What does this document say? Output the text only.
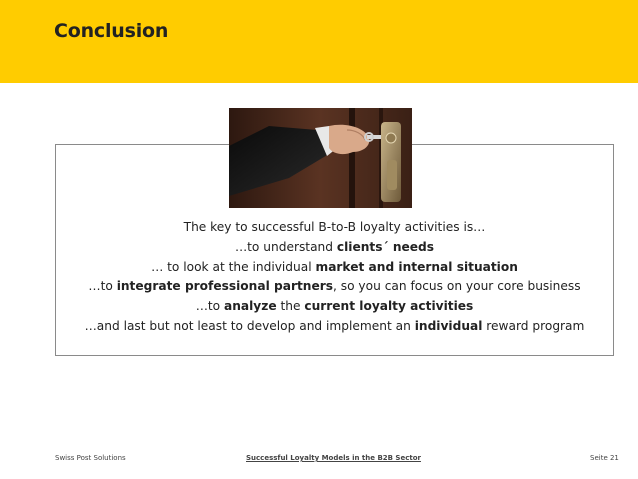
Conclusion

The key to successful B-to-B loyalty activities is…

…to understand clients´ needs

… to look at the individual market and internal situation

…to integrate professional partners, so you can focus on your core business

…to analyze the current loyalty activities

…and last but not least to develop and implement an individual reward program

Swiss Post Solutions	Successful Loyalty Models in the B2B Sector	Seite 21
